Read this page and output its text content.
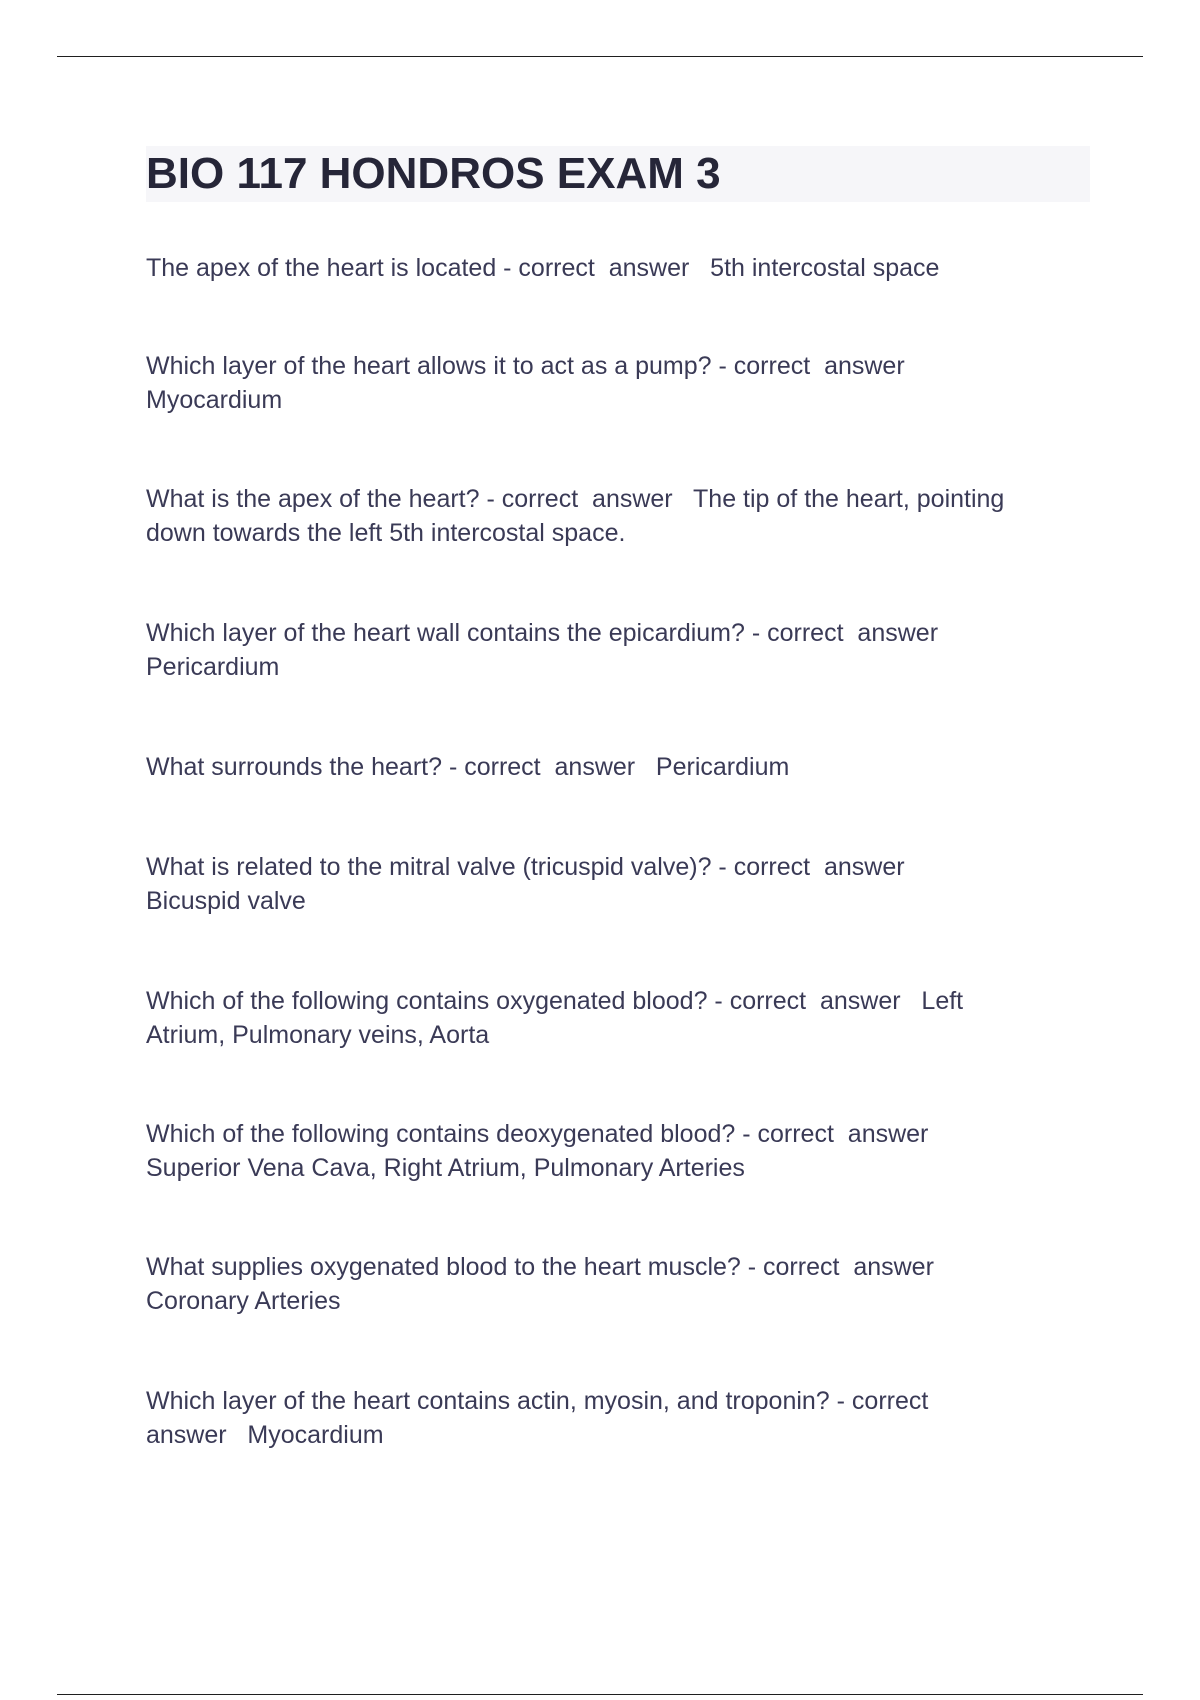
BIO 117 HONDROS EXAM 3
The apex of the heart is located - correct  answer   5th intercostal space
Which layer of the heart allows it to act as a pump? - correct  answer
Myocardium
What is the apex of the heart? - correct  answer   The tip of the heart, pointing
down towards the left 5th intercostal space.
Which layer of the heart wall contains the epicardium? - correct  answer
Pericardium
What surrounds the heart? - correct  answer   Pericardium
What is related to the mitral valve (tricuspid valve)? - correct  answer
Bicuspid valve
Which of the following contains oxygenated blood? - correct  answer   Left
Atrium, Pulmonary veins, Aorta
Which of the following contains deoxygenated blood? - correct  answer
Superior Vena Cava, Right Atrium, Pulmonary Arteries
What supplies oxygenated blood to the heart muscle? - correct  answer
Coronary Arteries
Which layer of the heart contains actin, myosin, and troponin? - correct
answer   Myocardium
